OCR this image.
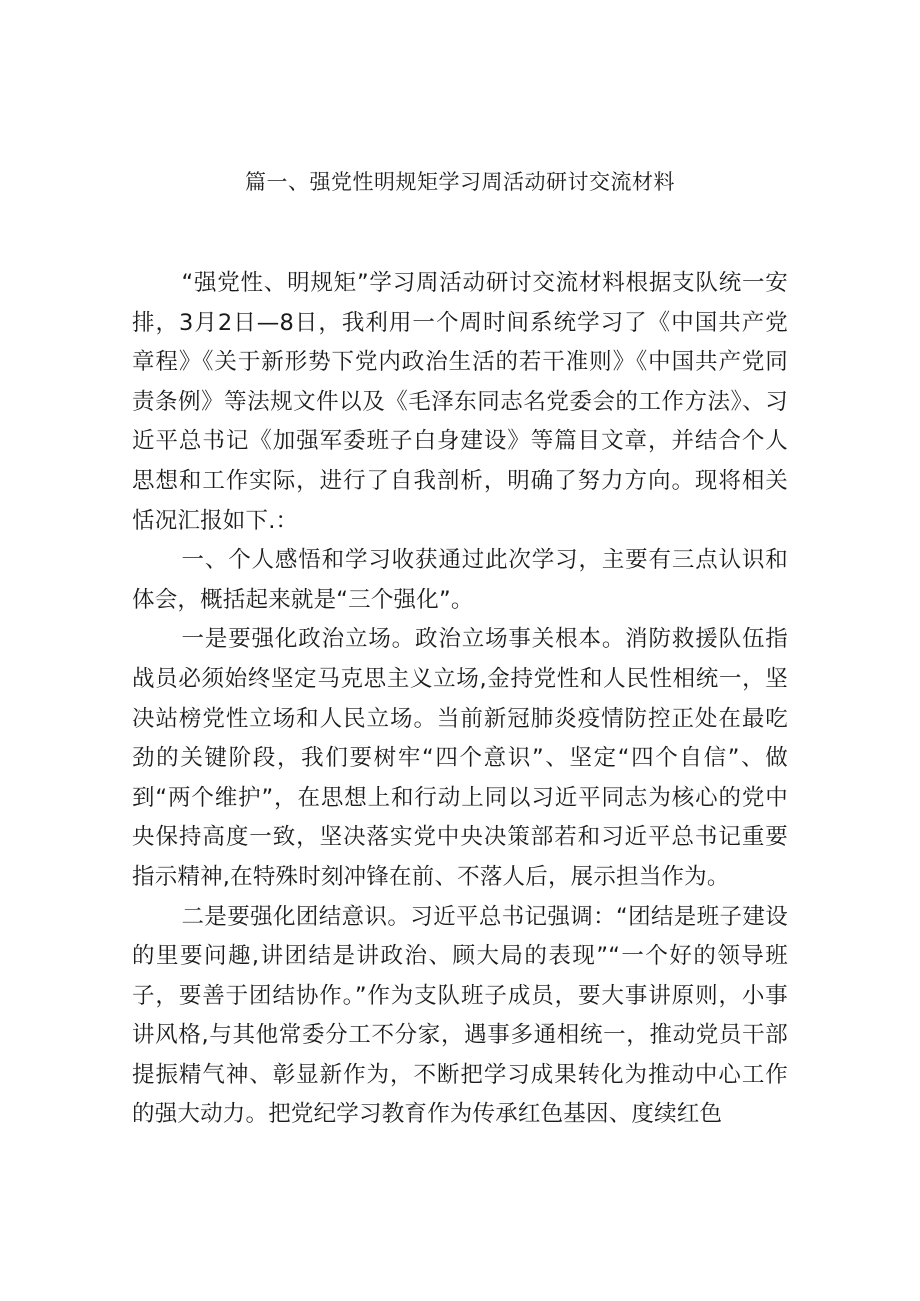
篇一、强党性明规矩学习周活动研讨交流材料

“强党性、明规矩”学习周活动研讨交流材料根据支队统一安排，3月2日—8日，我利用一个周时间系统学习了《中国共产党章程》《关于新形势下党内政治生活的若干准则》《中国共产党同责条例》等法规文件以及《毛泽东同志名党委会的工作方法》、习近平总书记《加强军委班子白身建设》等篇目文章，并结合个人思想和工作实际，进行了自我剖析，明确了努力方向。现将相关恬况汇报如下.：

一、个人感悟和学习收获通过此次学习，主要有三点认识和体会，概括起来就是“三个强化”。

一是要强化政治立场。政治立场事关根本。消防救援队伍指战员必须始终坚定马克思主义立场,金持党性和人民性相统一，坚决站榜党性立场和人民立场。当前新冠肺炎疫情防控正处在最吃劲的关键阶段，我们要树牢“四个意识”、坚定“四个自信”、做到“两个维护”，在思想上和行动上同以习近平同志为核心的党中央保持高度一致，坚决落实党中央决策部若和习近平总书记重要指示精神,在特殊时刻冲锋在前、不落人后，展示担当作为。

二是要强化团结意识。习近平总书记强调：“团结是班子建设的里要问趣,讲团结是讲政治、顾大局的表现”“一个好的领导班子，要善于团结协作。”作为支队班子成员，要大事讲原则，小事讲风格,与其他常委分工不分家，遇事多通相统一，推动党员干部提振精气神、彰显新作为，不断把学习成果转化为推动中心工作的强大动力。把党纪学习教育作为传承红色基因、度续红色
